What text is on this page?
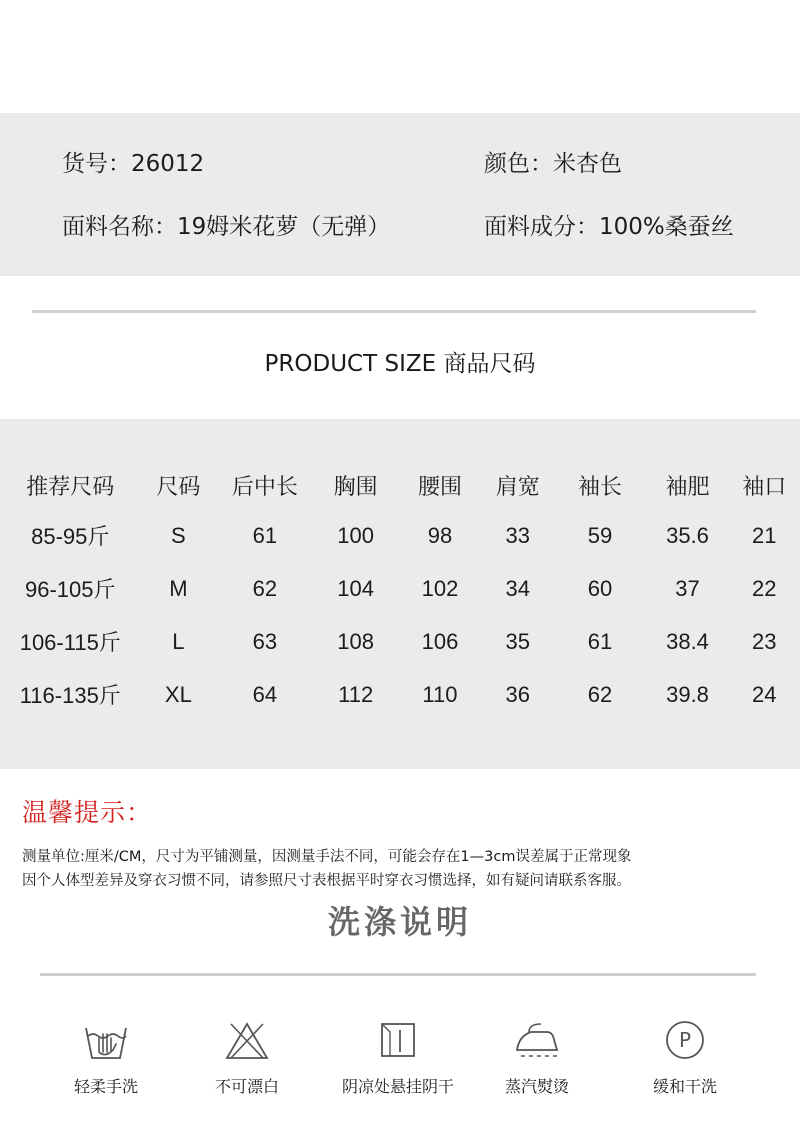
货号：26012	颜色：米杏色
面料名称：19姆米花萝（无弹）	面料成分：100%桑蚕丝
PRODUCT SIZE 商品尺码
推荐尺码	尺码	后中长	胸围	腰围	肩宽	袖长	袖肥	袖口
85-95斤	S	61	100	98	33	59	35.6	21
96-105斤	M	62	104	102	34	60	37	22
106-115斤	L	63	108	106	35	61	38.4	23
116-135斤	XL	64	112	110	36	62	39.8	24
温馨提示：
测量单位:厘米/CM，尺寸为平铺测量，因测量手法不同，可能会存在1—3cm误差属于正常现象
因个人体型差异及穿衣习惯不同，请参照尺寸表根据平时穿衣习惯选择，如有疑问请联系客服。
洗涤说明
轻柔手洗	不可漂白	阴凉处悬挂阴干	蒸汽熨烫
P
缓和干洗
